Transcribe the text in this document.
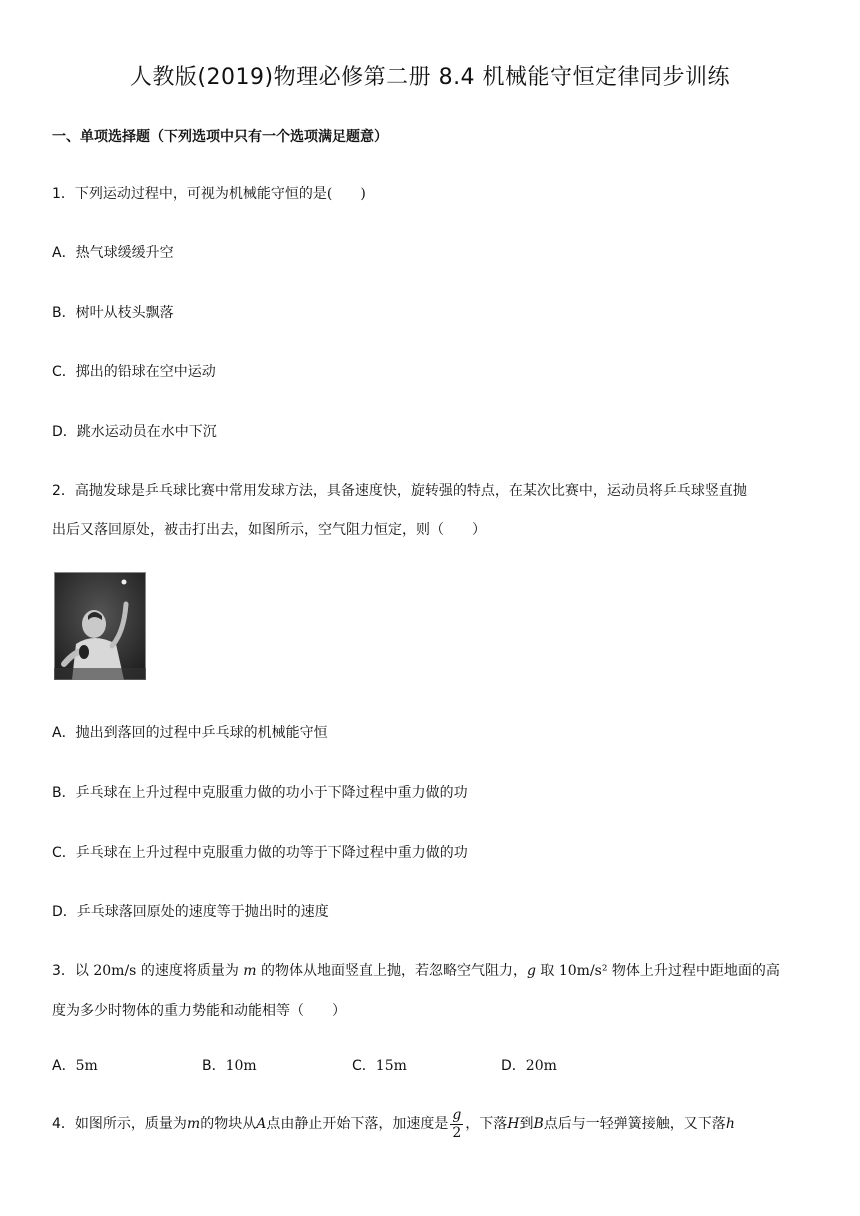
人教版(2019)物理必修第二册 8.4 机械能守恒定律同步训练
一、单项选择题（下列选项中只有一个选项满足题意）
1．下列运动过程中，可视为机械能守恒的是(　　)
A．热气球缓缓升空
B．树叶从枝头飘落
C．掷出的铅球在空中运动
D．跳水运动员在水中下沉
2．高抛发球是乒乓球比赛中常用发球方法，具备速度快，旋转强的特点，在某次比赛中，运动员将乒乓球竖直抛
出后又落回原处，被击打出去，如图所示，空气阻力恒定，则（　　）
A．抛出到落回的过程中乒乓球的机械能守恒
B．乒乓球在上升过程中克服重力做的功小于下降过程中重力做的功
C．乒乓球在上升过程中克服重力做的功等于下降过程中重力做的功
D．乒乓球落回原处的速度等于抛出时的速度
3．以 20m/s 的速度将质量为 m 的物体从地面竖直上抛，若忽略空气阻力，g 取 10m/s² 物体上升过程中距地面的高
度为多少时物体的重力势能和动能相等（　　）
A．5m	B．10m	C．15m	D．20m
4．如图所示，质量为m的物块从A点由静止开始下落，加速度是 $\frac{g}{2}$ ，下落H到B点后与一轻弹簧接触，又下落h
